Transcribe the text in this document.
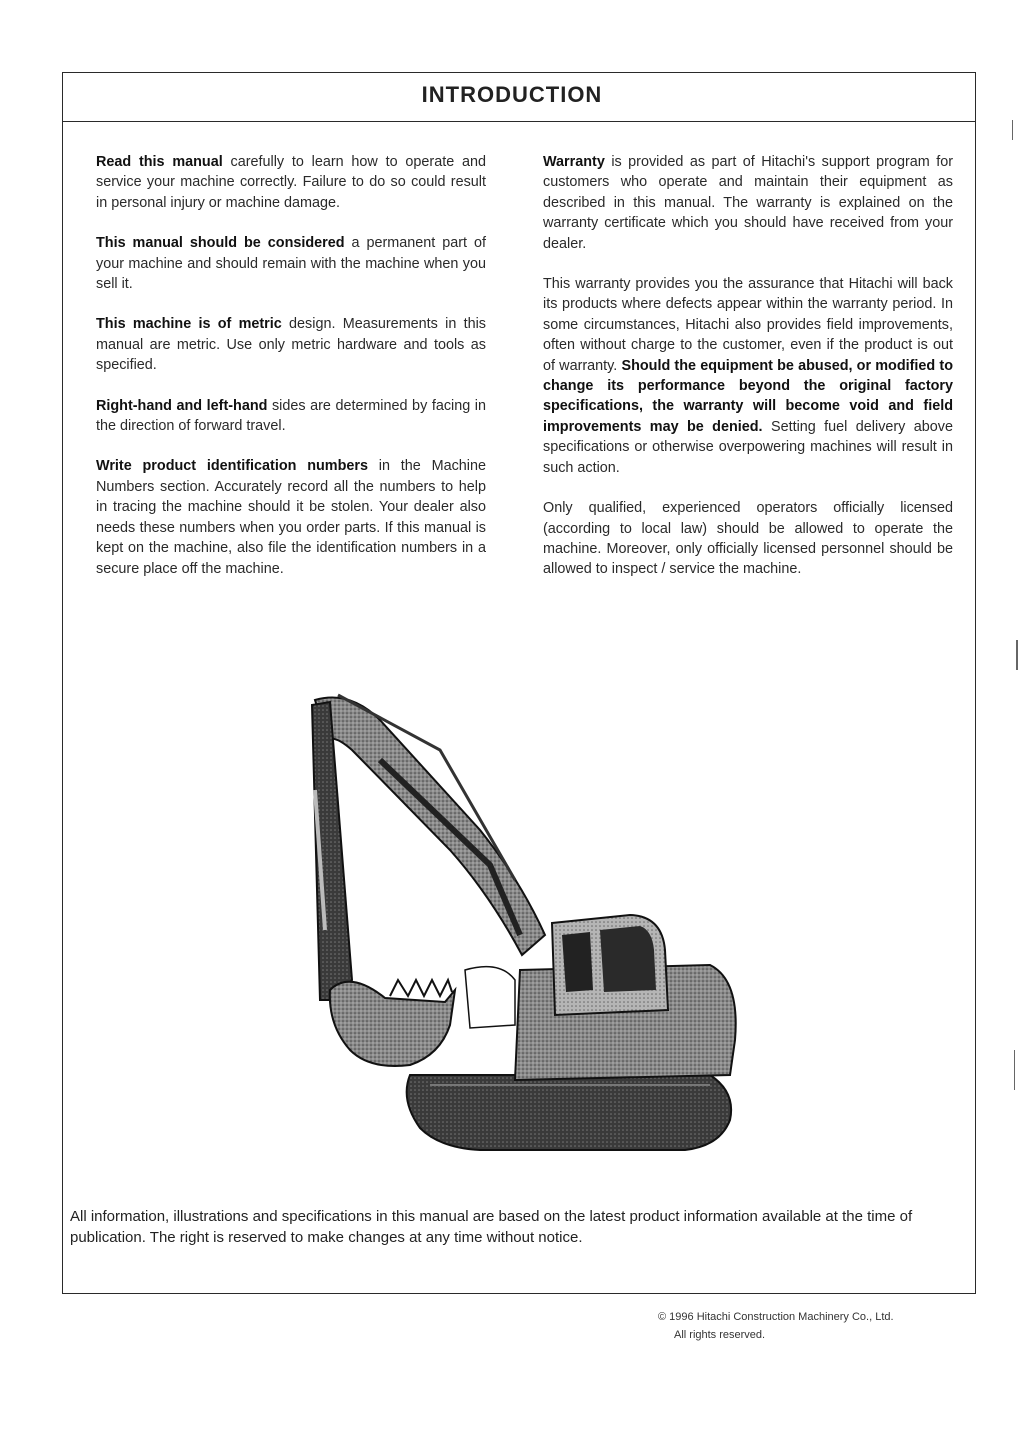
INTRODUCTION

Read this manual carefully to learn how to operate and service your machine correctly. Failure to do so could result in personal injury or machine damage.

This manual should be considered a permanent part of your machine and should remain with the machine when you sell it.

This machine is of metric design. Measurements in this manual are metric. Use only metric hardware and tools as specified.

Right-hand and left-hand sides are determined by facing in the direction of forward travel.

Write product identification numbers in the Machine Numbers section. Accurately record all the numbers to help in tracing the machine should it be stolen. Your dealer also needs these numbers when you order parts. If this manual is kept on the machine, also file the identification numbers in a secure place off the machine.

Warranty is provided as part of Hitachi's support program for customers who operate and maintain their equipment as described in this manual. The warranty is explained on the warranty certificate which you should have received from your dealer.

This warranty provides you the assurance that Hitachi will back its products where defects appear within the warranty period. In some circumstances, Hitachi also provides field improvements, often without charge to the customer, even if the product is out of warranty. Should the equipment be abused, or modified to change its performance beyond the original factory specifications, the warranty will become void and field improvements may be denied. Setting fuel delivery above specifications or otherwise overpowering machines will result in such action.

Only qualified, experienced operators officially licensed (according to local law) should be allowed to operate the machine. Moreover, only officially licensed personnel should be allowed to inspect / service the machine.

All information, illustrations and specifications in this manual are based on the latest product information available at the time of publication. The right is reserved to make changes at any time without notice.
© 1996 Hitachi Construction Machinery Co., Ltd.
All rights reserved.
